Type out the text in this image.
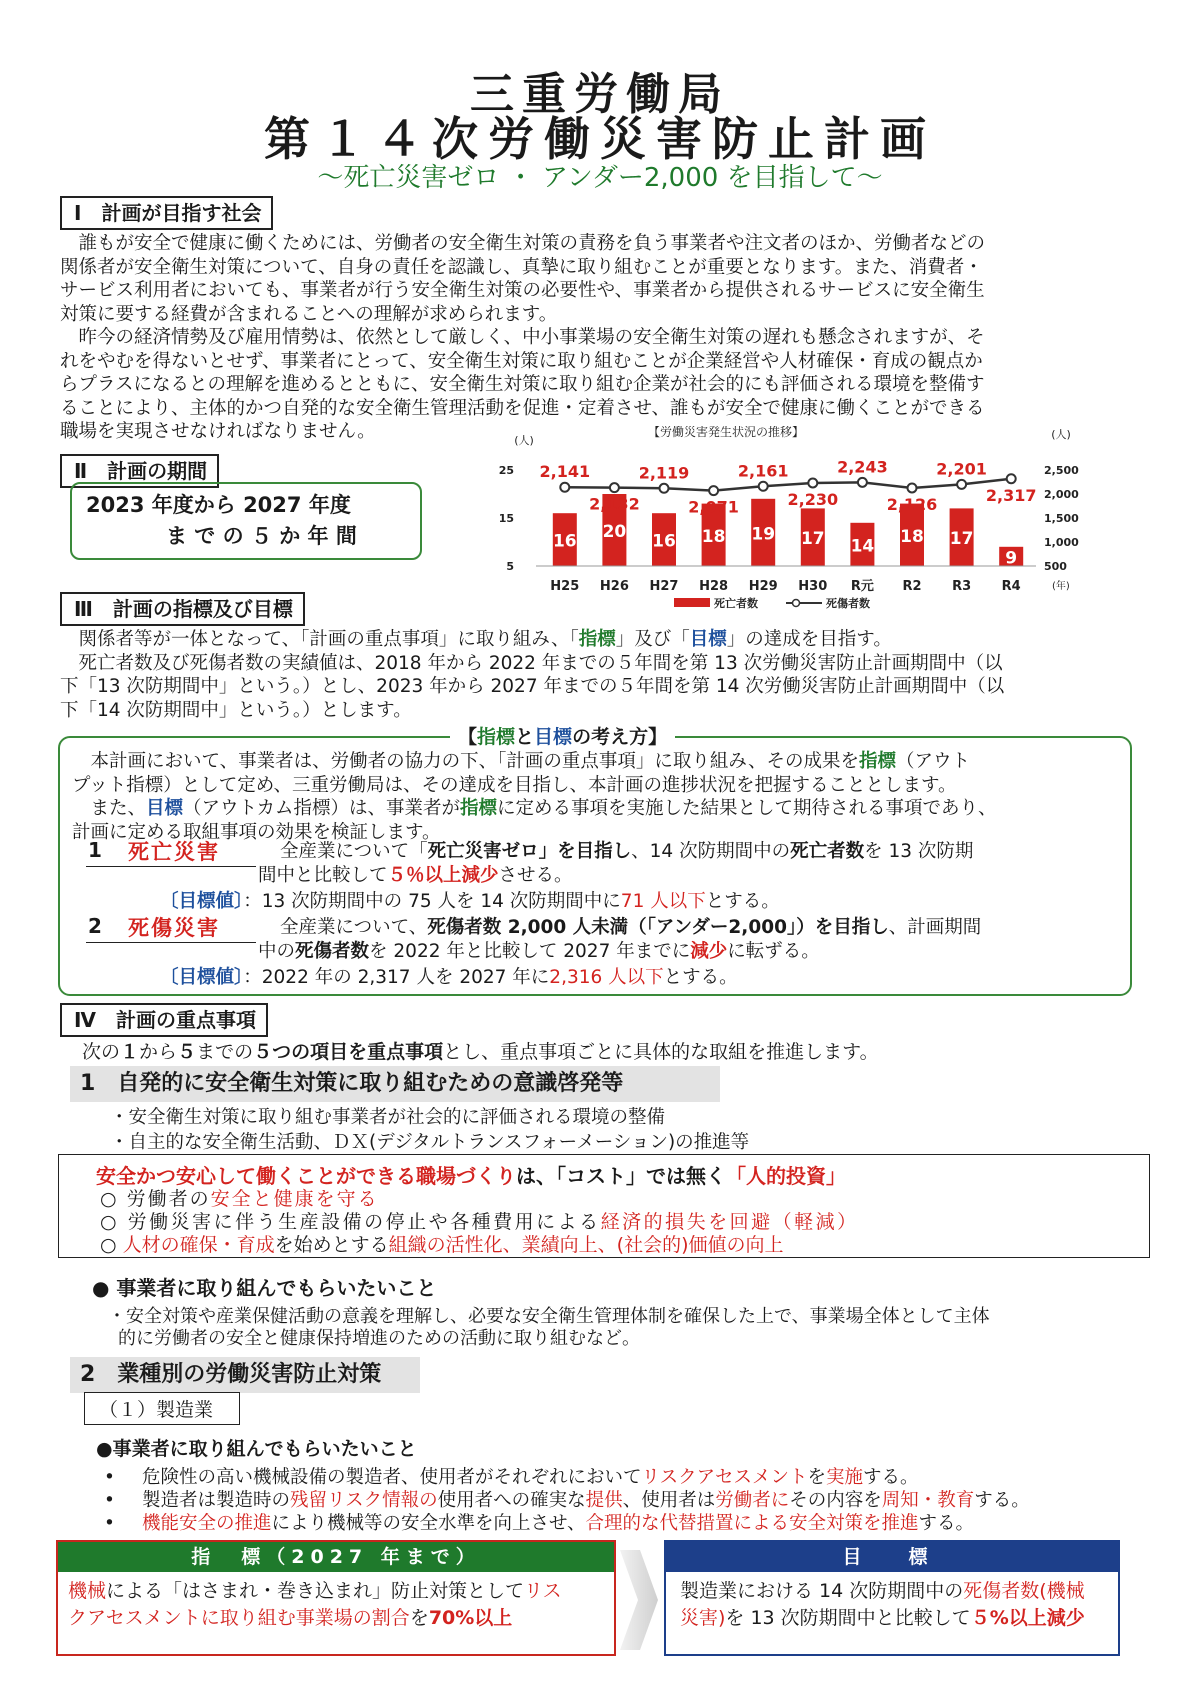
三重労働局
第１４次労働災害防止計画
～死亡災害ゼロ ・ アンダー2,000 を目指して～
Ⅰ　計画が目指す社会
　誰もが安全で健康に働くためには、労働者の安全衛生対策の責務を負う事業者や注文者のほか、労働者などの
関係者が安全衛生対策について、自身の責任を認識し、真摯に取り組むことが重要となります。また、消費者・
サービス利用者においても、事業者が行う安全衛生対策の必要性や、事業者から提供されるサービスに安全衛生
対策に要する経費が含まれることへの理解が求められます。
　昨今の経済情勢及び雇用情勢は、依然として厳しく、中小事業場の安全衛生対策の遅れも懸念されますが、そ
れをやむを得ないとせず、事業者にとって、安全衛生対策に取り組むことが企業経営や人材確保・育成の観点か
らプラスになるとの理解を進めるとともに、安全衛生対策に取り組む企業が社会的にも評価される環境を整備す
ることにより、主体的かつ自発的な安全衛生管理活動を促進・定着させ、誰もが安全で健康に働くことができる
職場を実現させなければなりません。
Ⅱ　計画の期間
2023 年度から 2027 年度
ま で の ５ か 年 間
【労働災害発生状況の推移】
(人)	(人)
25
15
5
2,500
2,000
1,500
1,000
500
16 20 16 18 19 17 14 18 17
9
2,141
2,132
2,119
2,071
2,161
2,230
2,243
2,126
2,201
2,317
H25 H26 H27 H28 H29 H30 R元 R2 R3 R4	(年)
死亡者数	死傷者数
Ⅲ　計画の指標及び目標
　関係者等が一体となって、「計画の重点事項」に取り組み、「指標」及び「目標」の達成を目指す。
　死亡者数及び死傷者数の実績値は、2018 年から 2022 年までの５年間を第 13 次労働災害防止計画期間中（以
下「13 次防期間中」という。）とし、2023 年から 2027 年までの５年間を第 14 次労働災害防止計画期間中（以
下「14 次防期間中」という。）とします。
【指標と目標の考え方】
　本計画において、事業者は、労働者の協力の下、「計画の重点事項」に取り組み、その成果を指標（アウト
プット指標）として定め、三重労働局は、その達成を目指し、本計画の進捗状況を把握することとします。
　また、目標（アウトカム指標）は、事業者が指標に定める事項を実施した結果として期待される事項であり、
計画に定める取組事項の効果を検証します。
1 死亡災害	全産業について「死亡災害ゼロ」を目指し、14 次防期間中の死亡者数を 13 次防期
間中と比較して５％以上減少させる。
〔目標値〕：13 次防期間中の 75 人を 14 次防期間中に71 人以下とする。
2 死傷災害	全産業について、死傷者数 2,000 人未満（「アンダー2,000」）を目指し、計画期間
中の死傷者数を 2022 年と比較して 2027 年までに減少に転ずる。
〔目標値〕：2022 年の 2,317 人を 2027 年に2,316 人以下とする。
Ⅳ　計画の重点事項
次の１から５までの５つの項目を重点事項とし、重点事項ごとに具体的な取組を推進します。
1　自発的に安全衛生対策に取り組むための意識啓発等
・安全衛生対策に取り組む事業者が社会的に評価される環境の整備
・自主的な安全衛生活動、ＤＸ(デジタルトランスフォーメーション)の推進等
安全かつ安心して働くことができる職場づくりは、「コスト」では無く「人的投資」
○ 労働者の安全と健康を守る
○ 労働災害に伴う生産設備の停止や各種費用による経済的損失を回避（軽減）
○ 人材の確保・育成を始めとする組織の活性化、業績向上、(社会的)価値の向上
● 事業者に取り組んでもらいたいこと
・安全対策や産業保健活動の意義を理解し、必要な安全衛生管理体制を確保した上で、事業場全体として主体
的に労働者の安全と健康保持増進のための活動に取り組むなど。
2　業種別の労働災害防止対策
（１）製造業
●事業者に取り組んでもらいたいこと
• 危険性の高い機械設備の製造者、使用者がそれぞれにおいてリスクアセスメントを実施する。
• 製造者は製造時の残留リスク情報の使用者への確実な提供、使用者は労働者にその内容を周知・教育する。
• 機能安全の推進により機械等の安全水準を向上させ、合理的な代替措置による安全対策を推進する。
指　標（2027 年まで）
機械による「はさまれ・巻き込まれ」防止対策としてリス
クアセスメントに取り組む事業場の割合を70%以上
目　標
製造業における 14 次防期間中の死傷者数(機械
災害)を 13 次防期間中と比較して５%以上減少
